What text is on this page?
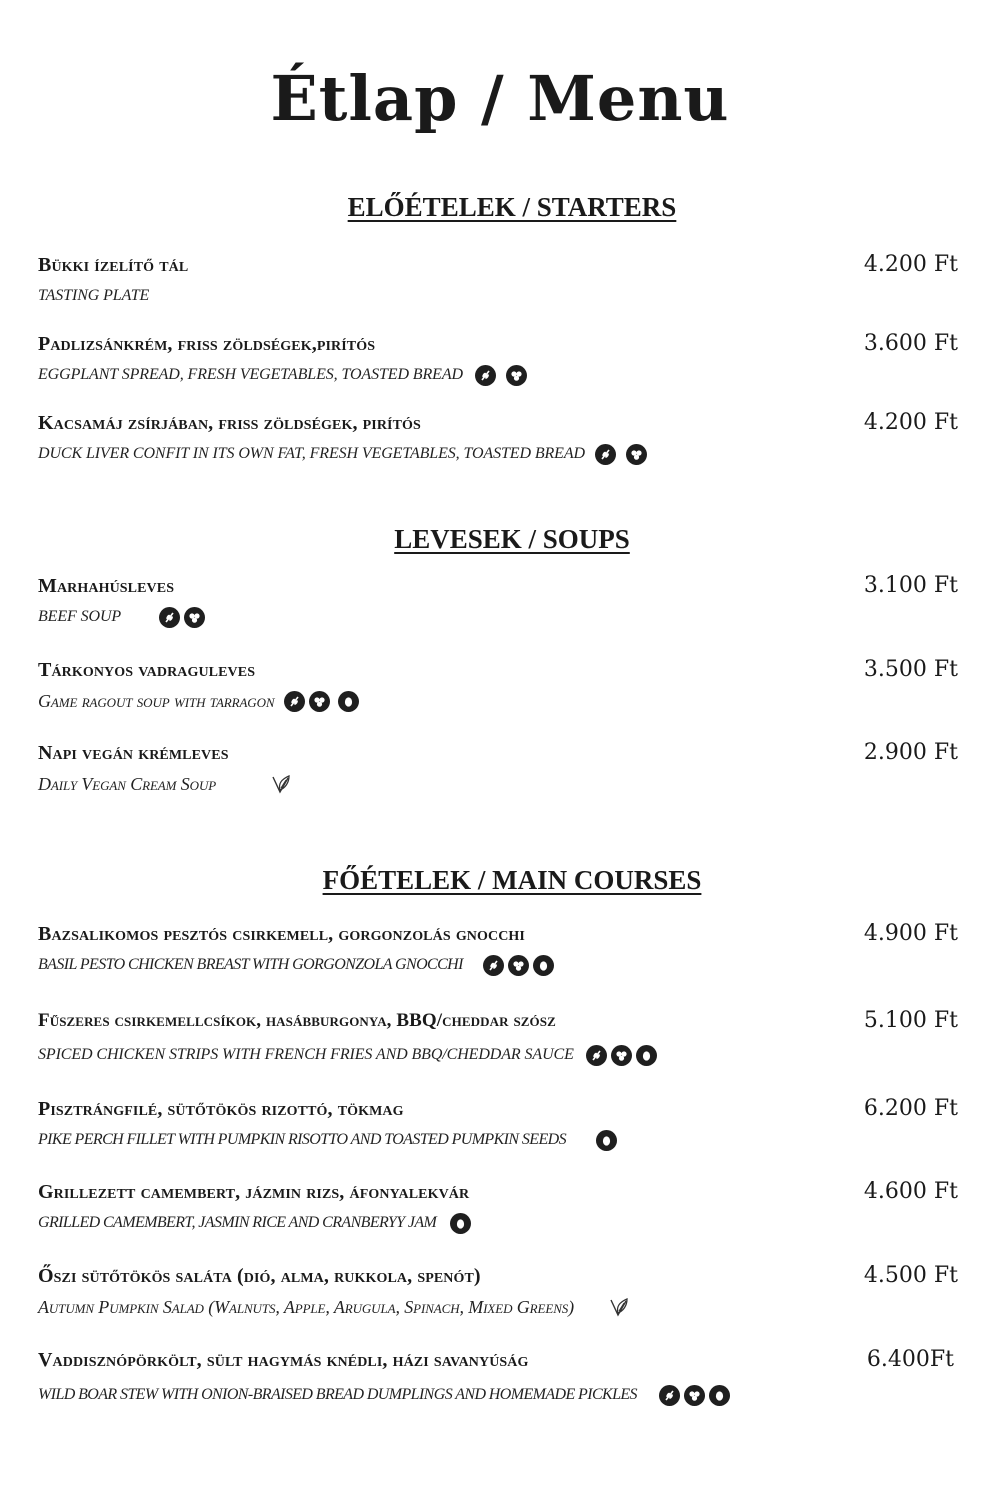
Étlap / Menu
ELŐÉTELEK / STARTERS
Bükki ízelítő tál	4.200 Ft
TASTING PLATE
Padlizsánkrém, friss zöldségek,pirítós	3.600 Ft
EGGPLANT SPREAD, FRESH VEGETABLES, TOASTED BREAD
Kacsamáj zsírjában, friss zöldségek, pirítós	4.200 Ft
DUCK LIVER CONFIT IN ITS OWN FAT, FRESH VEGETABLES, TOASTED BREAD
LEVESEK / SOUPS
Marhahúsleves	3.100 Ft
BEEF SOUP
Tárkonyos vadraguleves	3.500 Ft
Game ragout soup with tarragon
Napi vegán krémleves	2.900 Ft
Daily Vegan Cream Soup
FŐÉTELEK / MAIN COURSES
Bazsalikomos pesztós csirkemell, gorgonzolás gnocchi	4.900 Ft
BASIL PESTO CHICKEN BREAST WITH GORGONZOLA GNOCCHI
Fűszeres csirkemellcsíkok, hasábburgonya, BBQ/cheddar szósz	5.100 Ft
SPICED CHICKEN STRIPS WITH FRENCH FRIES AND BBQ/CHEDDAR SAUCE
Pisztrángfilé, sütőtökös rizottó, tökmag	6.200 Ft
PIKE PERCH FILLET WITH PUMPKIN RISOTTO AND TOASTED PUMPKIN SEEDS
Grillezett camembert, jázmin rizs, áfonyalekvár	4.600 Ft
GRILLED CAMEMBERT, JASMIN RICE AND CRANBERYY JAM
Őszi sütőtökös saláta (dió, alma, rukkola, spenót)	4.500 Ft
Autumn Pumpkin Salad (Walnuts, Apple, Arugula, Spinach, Mixed Greens)
Vaddisznópörkölt, sült hagymás knédli, házi savanyúság	6.400Ft
WILD BOAR STEW WITH ONION-BRAISED BREAD DUMPLINGS AND HOMEMADE PICKLES
